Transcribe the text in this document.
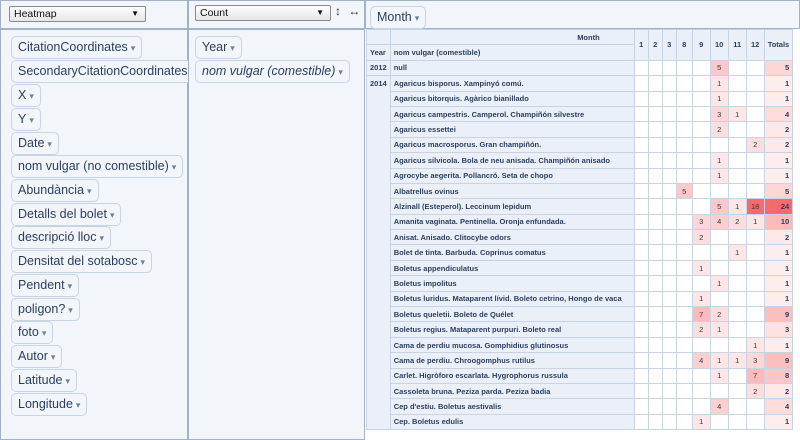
Heatmap	▼	Count	▼ ↕ ↔	Month ▾
CitationCoordinates ▾
SecondaryCitationCoordinates
X ▾
Y ▾
Date ▾
nom vulgar (no comestible) ▾
Abundància ▾
Detalls del bolet ▾
descripció lloc ▾
Densitat del sotabosc ▾
Pendent ▾
poligon? ▾
foto ▾
Autor ▾
Latitude ▾
Longitude ▾
Year ▾
nom vulgar (comestible) ▾
	Month	1	2	3	8	9	10	11	12	Totals
Year	nom vulgar (comestible)									
2012	null						5			5
2014	Agaricus bisporus. Xampinyó comú.						1			1
	Agaricus bitorquis. Agàrico bianillado						1			1
	Agaricus campestris. Camperol. Champiñón silvestre						3	1		4
	Agaricus essettei						2			2
	Agaricus macrosporus. Gran champiñón.								2	2
	Agaricus silvicola. Bola de neu anisada. Champiñón anisado						1			1
	Agrocybe aegerita. Pollancró. Seta de chopo						1			1
	Albatrellus ovinus				5					5
	Alzinall (Esteperol). Leccinum lepidum						5	1	18	24
	Amanita vaginata. Pentinella. Oronja enfundada.					3	4	2	1	10
	Anisat. Anisado. Clitocybe odors					2				2
	Bolet de tinta. Barbuda. Coprinus comatus							1		1
	Boletus appendiculatus					1				1
	Boletus impolitus						1			1
	Boletus luridus. Mataparent lívid. Boleto cetrino, Hongo de vaca					1				1
	Boletus queletii. Boleto de Quélet					7	2			9
	Boletus regius. Mataparent purpuri. Boleto real					2	1			3
	Cama de perdiu mucosa. Gomphidius glutinosus								1	1
	Cama de perdiu. Chroogomphus rutilus					4	1	1	3	9
	Carlet. Higròforo escarlata. Hygrophorus russula						1		7	8
	Cassoleta bruna. Peziza parda. Peziza badia								2	2
	Cep d'estiu. Boletus aestivalis						4			4
	Cep. Boletus edulis					1				1
